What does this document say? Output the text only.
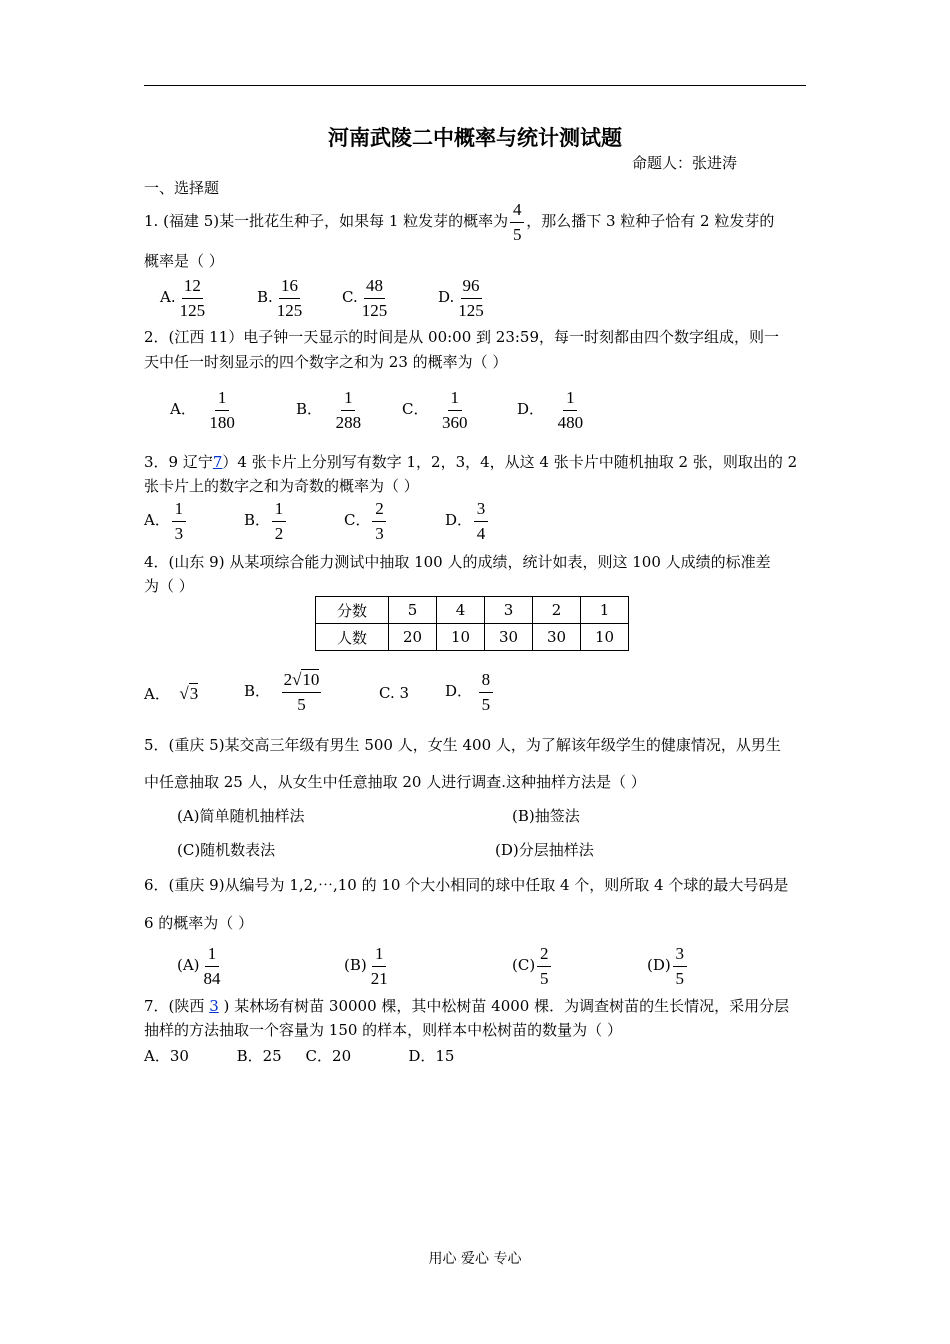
河南武陵二中概率与统计测试题
命题人：张进涛
一、选择题
1. (福建 5)某一批花生种子，如果每 1 粒发芽的概率为 $\frac{4}{5}$ ，那么播下 3 粒种子恰有 2 粒发芽的
概率是（ ）
A. $\frac{12}{125}$	B. $\frac{16}{125}$	C. $\frac{48}{125}$	D. $\frac{96}{125}$
2．(江西 11）电子钟一天显示的时间是从 00:00 到 23:59，每一时刻都由四个数字组成，则一
天中任一时刻显示的四个数字之和为 23 的概率为（ ）
A． $\frac{1}{180}$	B． $\frac{1}{288}$	C． $\frac{1}{360}$	D． $\frac{1}{480}$
3．9 辽宁7）4 张卡片上分别写有数字 1，2，3，4，从这 4 张卡片中随机抽取 2 张，则取出的 2
张卡片上的数字之和为奇数的概率为（ ）
A． $\frac{1}{3}$	B． $\frac{1}{2}$	C． $\frac{2}{3}$	D． $\frac{3}{4}$
4．(山东 9) 从某项综合能力测试中抽取 100 人的成绩，统计如表，则这 100 人成绩的标准差
为（ ）
分数	5	4	3	2	1
人数	20	10	30	30	10
A． √3	B． $\frac{2√10}{5}$	C. 3 D． $\frac{8}{5}$
5．(重庆 5)某交高三年级有男生 500 人，女生 400 人，为了解该年级学生的健康情况，从男生
中任意抽取 25 人，从女生中任意抽取 20 人进行调查.这种抽样方法是（ ）
(A)简单随机抽样法	(B)抽签法
(C)随机数表法	(D)分层抽样法
6．(重庆 9)从编号为 1,2,⋯,10 的 10 个大小相同的球中任取 4 个，则所取 4 个球的最大号码是
6 的概率为（ ）
$(A) \frac{1}{84}$	$(B) \frac{1}{21}$	$(C) \frac{2}{5}$	$(D) \frac{3}{5}$
7．(陕西 3 ) 某林场有树苗 30000 棵，其中松树苗 4000 棵．为调查树苗的生长情况，采用分层
抽样的方法抽取一个容量为 150 的样本，则样本中松树苗的数量为（ ）
A．30          B．25     C．20            D．15
用心 爱心 专心
